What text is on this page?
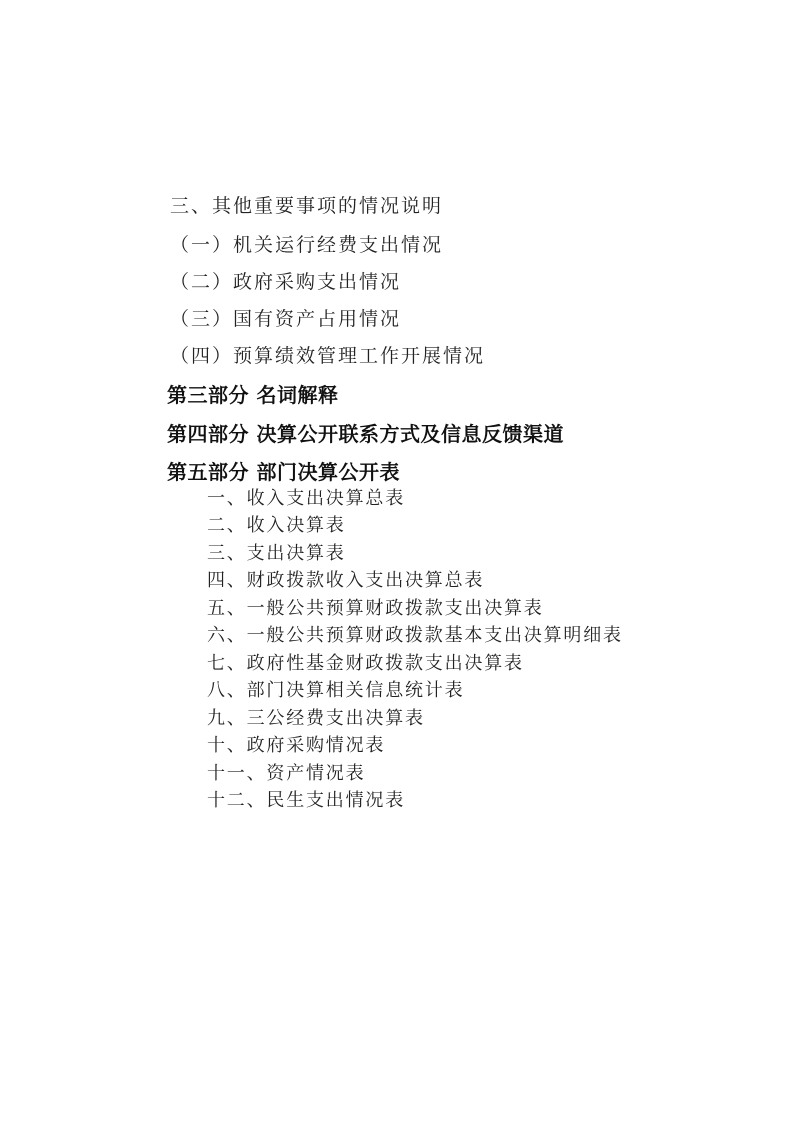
三、其他重要事项的情况说明
（一）机关运行经费支出情况
（二）政府采购支出情况
（三）国有资产占用情况
（四）预算绩效管理工作开展情况
第三部分 名词解释
第四部分 决算公开联系方式及信息反馈渠道
第五部分 部门决算公开表
一、收入支出决算总表
二、收入决算表
三、支出决算表
四、财政拨款收入支出决算总表
五、一般公共预算财政拨款支出决算表
六、一般公共预算财政拨款基本支出决算明细表
七、政府性基金财政拨款支出决算表
八、部门决算相关信息统计表
九、三公经费支出决算表
十、政府采购情况表
十一、资产情况表
十二、民生支出情况表
